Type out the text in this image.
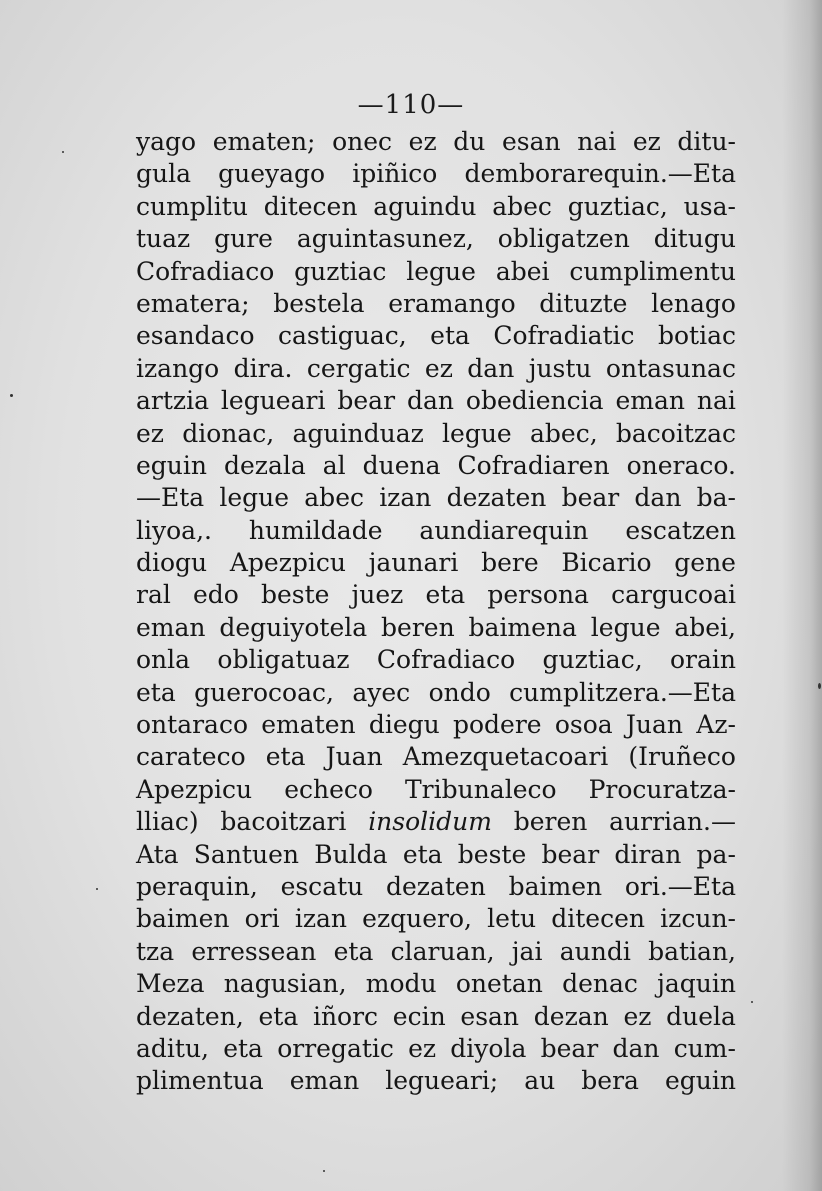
—110—
yago ematen; onec ez du esan nai ez ditu-
gula gueyago ipiñico demborarequin.—Eta
cumplitu ditecen aguindu abec guztiac, usa-
tuaz gure aguintasunez, obligatzen ditugu
Cofradiaco guztiac legue abei cumplimentu
ematera; bestela eramango dituzte lenago
esandaco castiguac, eta Cofradiatic botiac
izango dira. cergatic ez dan justu ontasunac
artzia legueari bear dan obediencia eman nai
ez dionac, aguinduaz legue abec, bacoitzac
eguin dezala al duena Cofradiaren oneraco.
—Eta legue abec izan dezaten bear dan ba-
liyoa,. humildade aundiarequin escatzen
diogu Apezpicu jaunari bere Bicario gene
ral edo beste juez eta persona cargucoai
eman deguiyotela beren baimena legue abei,
onla obligatuaz Cofradiaco guztiac, orain
eta guerocoac, ayec ondo cumplitzera.—Eta
ontaraco ematen diegu podere osoa Juan Az-
carateco eta Juan Amezquetacoari (Iruñeco
Apezpicu echeco Tribunaleco Procuratza-
lliac) bacoitzari insolidum beren aurrian.—
Ata Santuen Bulda eta beste bear diran pa-
peraquin, escatu dezaten baimen ori.—Eta
baimen ori izan ezquero, letu ditecen izcun-
tza erressean eta claruan, jai aundi batian,
Meza nagusian, modu onetan denac jaquin
dezaten, eta iñorc ecin esan dezan ez duela
aditu, eta orregatic ez diyola bear dan cum-
plimentua eman legueari; au bera eguin
